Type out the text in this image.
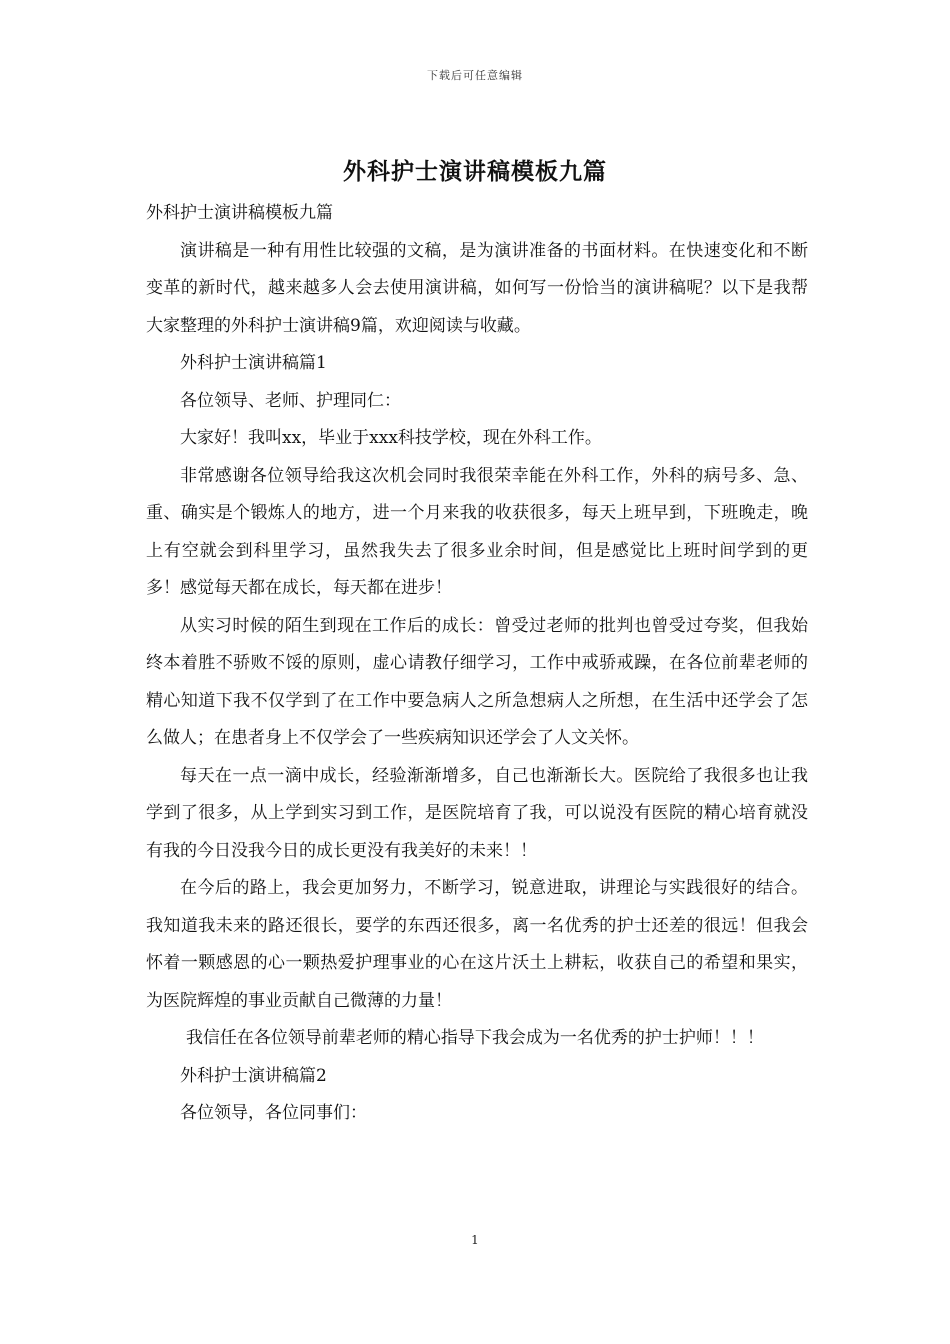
下载后可任意编辑
外科护士演讲稿模板九篇

外科护士演讲稿模板九篇

演讲稿是一种有用性比较强的文稿，是为演讲准备的书面材料。在快速变化和不断变革的新时代，越来越多人会去使用演讲稿，如何写一份恰当的演讲稿呢？以下是我帮大家整理的外科护士演讲稿9篇，欢迎阅读与收藏。

外科护士演讲稿篇1

各位领导、老师、护理同仁：

大家好！我叫xx，毕业于xxx科技学校，现在外科工作。

非常感谢各位领导给我这次机会同时我很荣幸能在外科工作，外科的病号多、急、重、确实是个锻炼人的地方，进一个月来我的收获很多，每天上班早到，下班晚走，晚上有空就会到科里学习，虽然我失去了很多业余时间，但是感觉比上班时间学到的更多！感觉每天都在成长，每天都在进步！

从实习时候的陌生到现在工作后的成长：曾受过老师的批判也曾受过夸奖，但我始终本着胜不骄败不馁的原则，虚心请教仔细学习，工作中戒骄戒躁，在各位前辈老师的精心知道下我不仅学到了在工作中要急病人之所急想病人之所想，在生活中还学会了怎么做人；在患者身上不仅学会了一些疾病知识还学会了人文关怀。

每天在一点一滴中成长，经验渐渐增多，自己也渐渐长大。医院给了我很多也让我学到了很多，从上学到实习到工作，是医院培育了我，可以说没有医院的精心培育就没有我的今日没我今日的成长更没有我美好的未来！！

在今后的路上，我会更加努力，不断学习，锐意进取，讲理论与实践很好的结合。我知道我未来的路还很长，要学的东西还很多，离一名优秀的护士还差的很远！但我会怀着一颗感恩的心一颗热爱护理事业的心在这片沃土上耕耘，收获自己的希望和果实，为医院辉煌的事业贡献自己微薄的力量！

我信任在各位领导前辈老师的精心指导下我会成为一名优秀的护士护师！！！

外科护士演讲稿篇2

各位领导，各位同事们：

1
